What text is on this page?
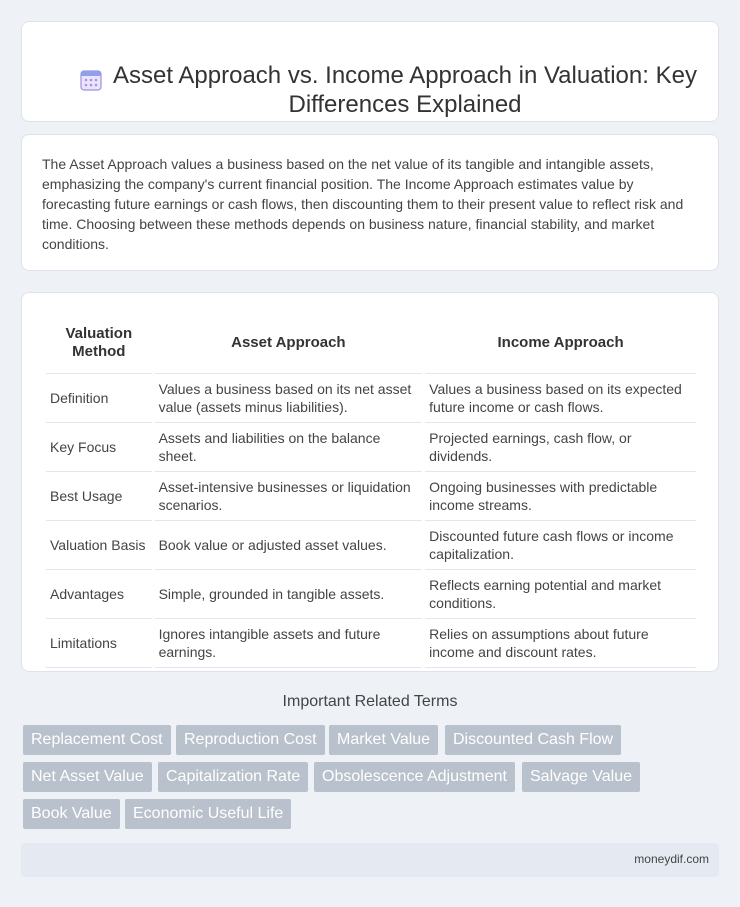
Asset Approach vs. Income Approach in Valuation: Key Differences Explained

The Asset Approach values a business based on the net value of its tangible and intangible assets, emphasizing the company's current financial position. The Income Approach estimates value by forecasting future earnings or cash flows, then discounting them to their present value to reflect risk and time. Choosing between these methods depends on business nature, financial stability, and market conditions.

Valuation Method	Asset Approach	Income Approach
Definition	Values a business based on its net asset value (assets minus liabilities).	Values a business based on its expected future income or cash flows.
Key Focus	Assets and liabilities on the balance sheet.	Projected earnings, cash flow, or dividends.
Best Usage	Asset-intensive businesses or liquidation scenarios.	Ongoing businesses with predictable income streams.
Valuation Basis	Book value or adjusted asset values.	Discounted future cash flows or income capitalization.
Advantages	Simple, grounded in tangible assets.	Reflects earning potential and market conditions.
Limitations	Ignores intangible assets and future earnings.	Relies on assumptions about future income and discount rates.
Important Related Terms
Replacement Cost	Reproduction Cost	Market Value	Discounted Cash Flow
Net Asset Value	Capitalization Rate	Obsolescence Adjustment	Salvage Value
Book Value	Economic Useful Life
moneydif.com
